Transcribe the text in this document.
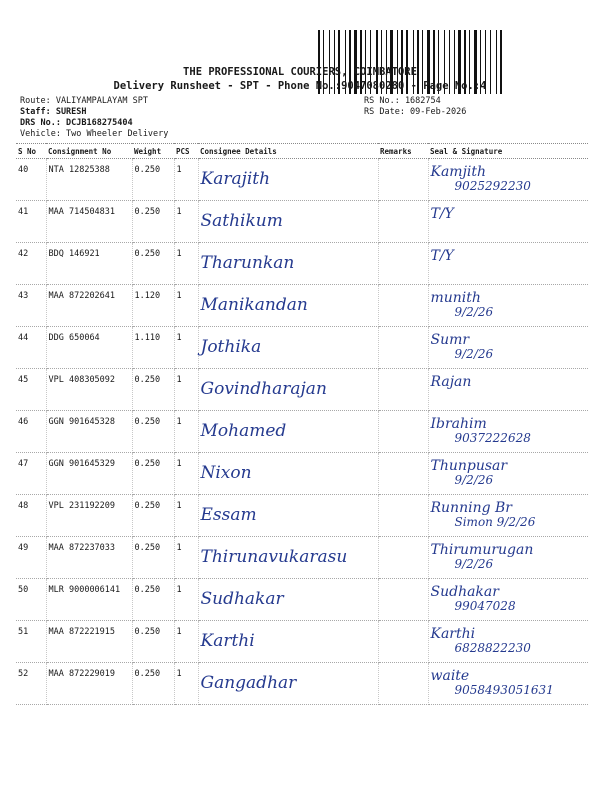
THE PROFESSIONAL COURIERS, COIMBATORE
Delivery Runsheet - SPT - Phone No.:9047080280 - Page No.:4
Route: VALIYAMPALAYAM SPT
Staff: SURESH
DRS No.: DCJB168275404
Vehicle: Two Wheeler Delivery
RS No.: 1682754
RS Date: 09-Feb-2026
S No	Consignment No	Weight	PCS	Consignee Details	Remarks	Seal & Signature
40	NTA 12825388	0.250	1	Karajith		Kamjith
9025292230

41	MAA 714504831	0.250	1	Sathikum		T/Y

42	BDQ 146921	0.250	1	Tharunkan		T/Y

43	MAA 872202641	1.120	1	Manikandan		munith
9/2/26

44	DDG 650064	1.110	1	Jothika		Sumr
9/2/26

45	VPL 408305092	0.250	1	Govindharajan		Rajan

46	GGN 901645328	0.250	1	Mohamed		Ibrahim
9037222628

47	GGN 901645329	0.250	1	Nixon		Thunpusar
9/2/26

48	VPL 231192209	0.250	1	Essam		Running Br
Simon 9/2/26

49	MAA 872237033	0.250	1	Thirunavukarasu		Thirumurugan
9/2/26

50	MLR 9000006141	0.250	1	Sudhakar		Sudhakar
99047028

51	MAA 872221915	0.250	1	Karthi		Karthi
6828822230

52	MAA 872229019	0.250	1	Gangadhar		waite
9058493051631
